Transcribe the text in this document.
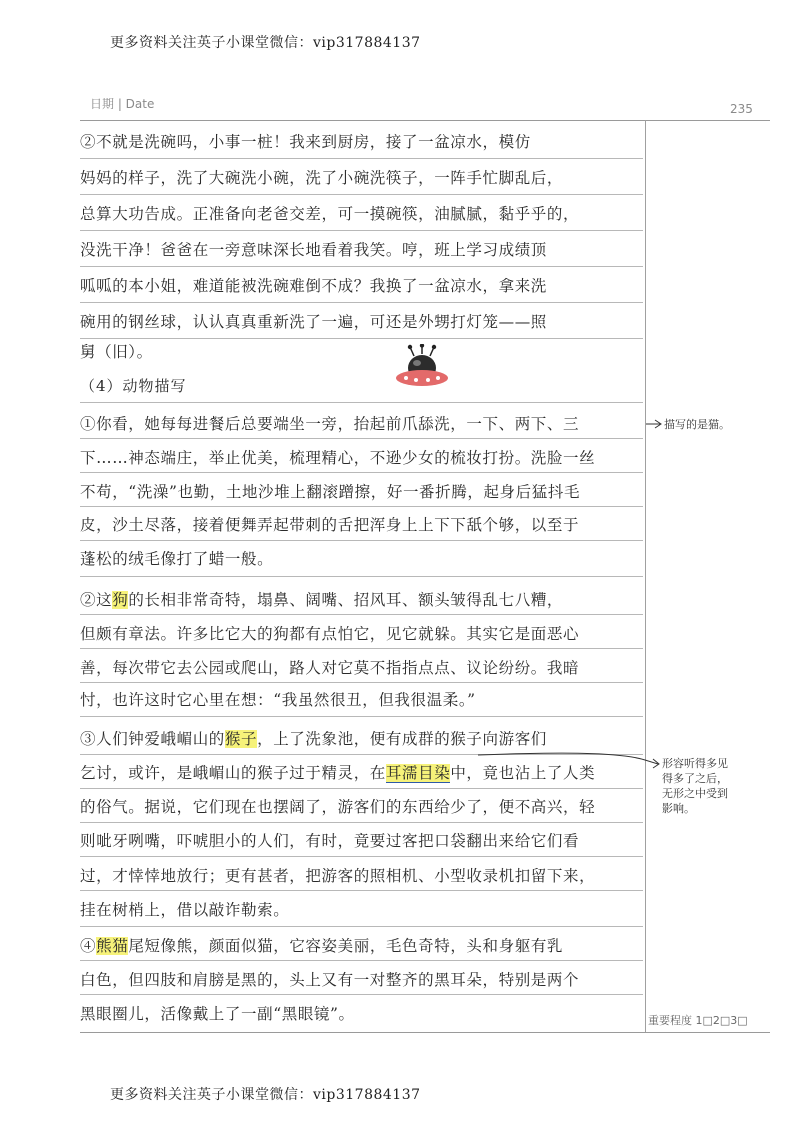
更多资料关注英子小课堂微信：vip317884137
更多资料关注英子小课堂微信：vip317884137
日期 | Date	235
②不就是洗碗吗，小事一桩！我来到厨房，接了一盆凉水，模仿
妈妈的样子，洗了大碗洗小碗，洗了小碗洗筷子，一阵手忙脚乱后，
总算大功告成。正准备向老爸交差，可一摸碗筷，油腻腻，黏乎乎的，
没洗干净！爸爸在一旁意味深长地看着我笑。哼，班上学习成绩顶
呱呱的本小姐，难道能被洗碗难倒不成？我换了一盆凉水，拿来洗
碗用的钢丝球，认认真真重新洗了一遍，可还是外甥打灯笼——照
舅（旧）。
（4）动物描写
①你看，她每每进餐后总要端坐一旁，抬起前爪舔洗，一下、两下、三
下……神态端庄，举止优美，梳理精心，不逊少女的梳妆打扮。洗脸一丝
不苟，“洗澡”也勤，土地沙堆上翻滚蹭擦，好一番折腾，起身后猛抖毛
皮，沙土尽落，接着便舞弄起带刺的舌把浑身上上下下舐个够，以至于
蓬松的绒毛像打了蜡一般。
②这狗的长相非常奇特，塌鼻、阔嘴、招风耳、额头皱得乱七八糟，
但颇有章法。许多比它大的狗都有点怕它，见它就躲。其实它是面恶心
善，每次带它去公园或爬山，路人对它莫不指指点点、议论纷纷。我暗
忖，也许这时它心里在想：“我虽然很丑，但我很温柔。”
③人们钟爱峨嵋山的猴子，上了洗象池，便有成群的猴子向游客们
乞讨，或许，是峨嵋山的猴子过于精灵，在耳濡目染中，竟也沾上了人类
的俗气。据说，它们现在也摆阔了，游客们的东西给少了，便不高兴，轻
则呲牙咧嘴，吓唬胆小的人们，有时，竟要过客把口袋翻出来给它们看
过，才悻悻地放行；更有甚者，把游客的照相机、小型收录机扣留下来，
挂在树梢上，借以敲诈勒索。
④熊猫尾短像熊，颜面似猫，它容姿美丽，毛色奇特，头和身躯有乳
白色，但四肢和肩膀是黑的，头上又有一对整齐的黑耳朵，特别是两个
黑眼圈儿，活像戴上了一副“黑眼镜”。
描写的是猫。
形容听得多见
得多了之后，
无形之中受到
影响。
重要程度 1□2□3□
